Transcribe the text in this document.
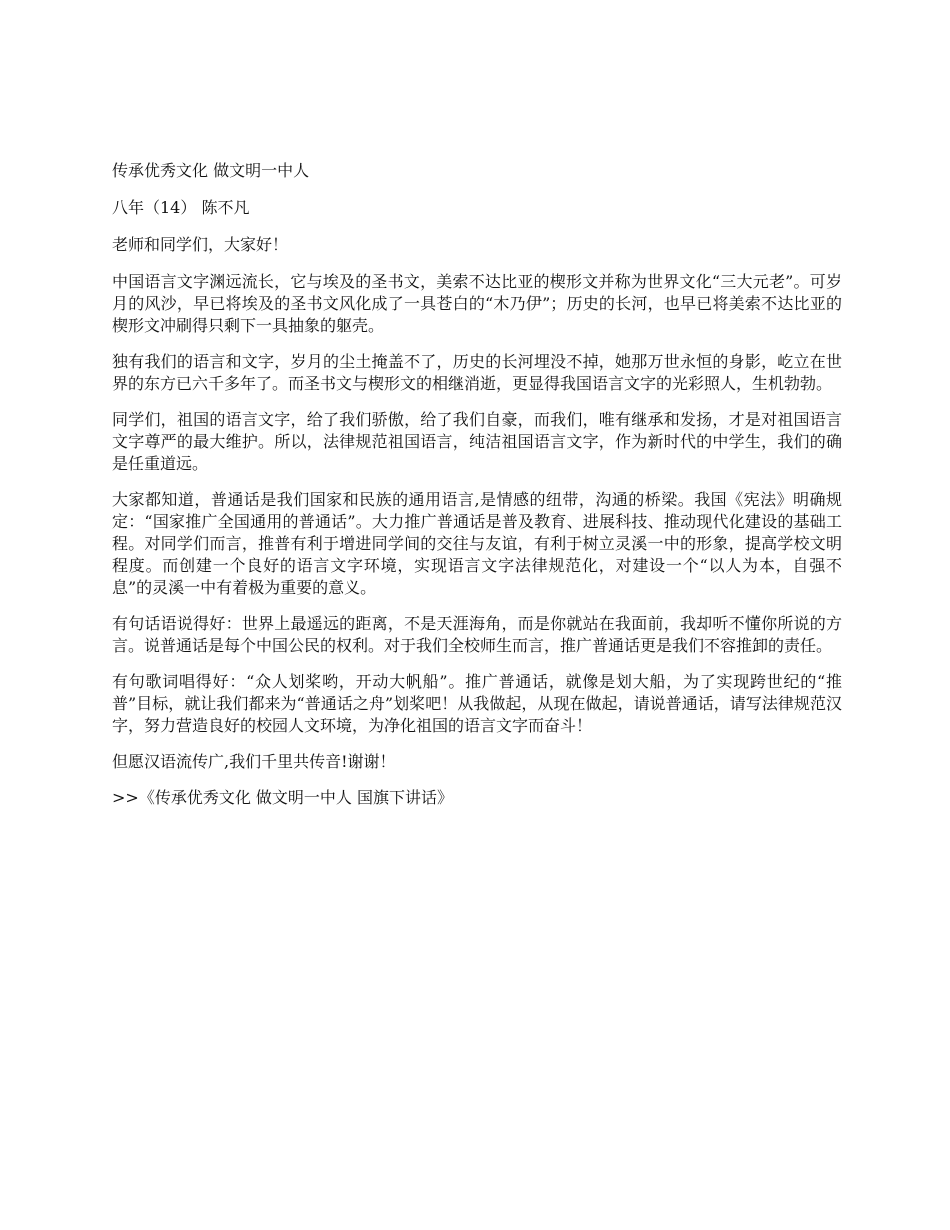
传承优秀文化 做文明一中人
八年（14） 陈不凡
老师和同学们，大家好！
中国语言文字渊远流长，它与埃及的圣书文，美索不达比亚的楔形文并称为世界文化“三大元老”。可岁月的风沙，早已将埃及的圣书文风化成了一具苍白的“木乃伊”；历史的长河，也早已将美索不达比亚的楔形文冲刷得只剩下一具抽象的躯壳。
独有我们的语言和文字，岁月的尘土掩盖不了，历史的长河埋没不掉，她那万世永恒的身影，屹立在世界的东方已六千多年了。而圣书文与楔形文的相继消逝，更显得我国语言文字的光彩照人，生机勃勃。
同学们，祖国的语言文字，给了我们骄傲，给了我们自豪，而我们，唯有继承和发扬，才是对祖国语言文字尊严的最大维护。所以，法律规范祖国语言，纯洁祖国语言文字，作为新时代的中学生，我们的确是任重道远。
大家都知道，普通话是我们国家和民族的通用语言,是情感的纽带，沟通的桥梁。我国《宪法》明确规定：“国家推广全国通用的普通话”。大力推广普通话是普及教育、进展科技、推动现代化建设的基础工程。对同学们而言，推普有利于增进同学间的交往与友谊，有利于树立灵溪一中的形象，提高学校文明程度。而创建一个良好的语言文字环境，实现语言文字法律规范化，对建设一个“以人为本，自强不息”的灵溪一中有着极为重要的意义。
有句话语说得好：世界上最遥远的距离，不是天涯海角，而是你就站在我面前，我却听不懂你所说的方言。说普通话是每个中国公民的权利。对于我们全校师生而言，推广普通话更是我们不容推卸的责任。
有句歌词唱得好：“众人划桨哟，开动大帆船”。推广普通话，就像是划大船，为了实现跨世纪的“推普”目标，就让我们都来为“普通话之舟”划桨吧！从我做起，从现在做起，请说普通话，请写法律规范汉字，努力营造良好的校园人文环境，为净化祖国的语言文字而奋斗！
但愿汉语流传广,我们千里共传音!谢谢！
>>《传承优秀文化 做文明一中人 国旗下讲话》
